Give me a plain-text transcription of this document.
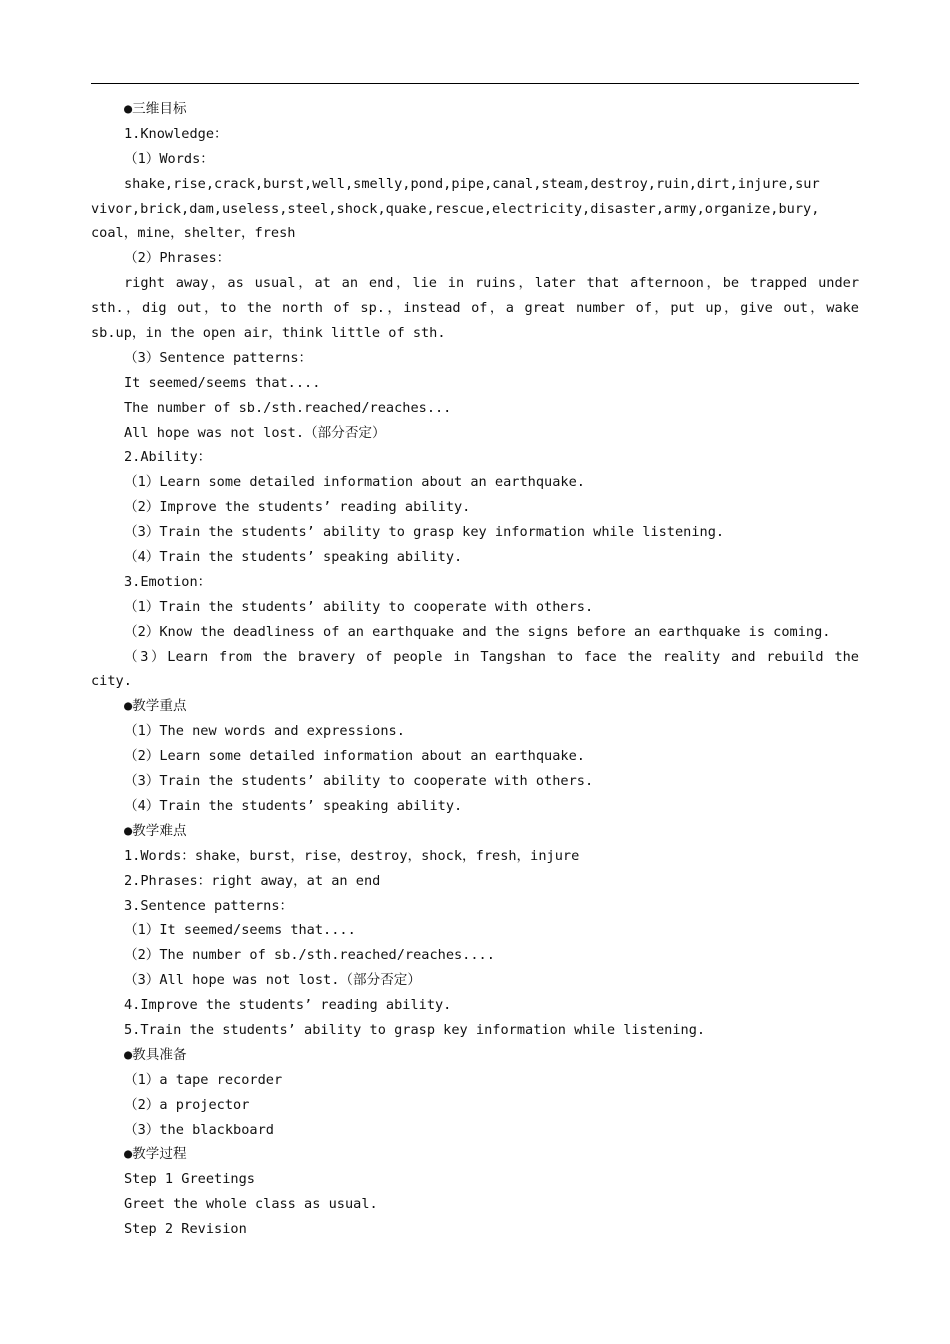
●三维目标
1.Knowledge：
（1）Words：
shake,rise,crack,burst,well,smelly,pond,pipe,canal,steam,destroy,ruin,dirt,injure,sur
vivor,brick,dam,useless,steel,shock,quake,rescue,electricity,disaster,army,organize,bury,
coal，mine，shelter，fresh
（2）Phrases：
right away，as usual，at an end，lie in ruins，later that afternoon，be trapped under
sth.，dig out，to the north of sp.，instead of，a great number of，put up，give out，wake
sb.up，in the open air，think little of sth.
（3）Sentence patterns：
It seemed/seems that....
The number of sb./sth.reached/reaches...
All hope was not lost.（部分否定）
2.Ability：
（1）Learn some detailed information about an earthquake.
（2）Improve the students’ reading ability.
（3）Train the students’ ability to grasp key information while listening.
（4）Train the students’ speaking ability.
3.Emotion：
（1）Train the students’ ability to cooperate with others.
（2）Know the deadliness of an earthquake and the signs before an earthquake is coming.
（3）Learn from the bravery of people in Tangshan to face the reality and rebuild the
city.
●教学重点
（1）The new words and expressions.
（2）Learn some detailed information about an earthquake.
（3）Train the students’ ability to cooperate with others.
（4）Train the students’ speaking ability.
●教学难点
1.Words：shake，burst，rise，destroy，shock，fresh，injure
2.Phrases：right away，at an end
3.Sentence patterns：
（1）It seemed/seems that....
（2）The number of sb./sth.reached/reaches....
（3）All hope was not lost.（部分否定）
4.Improve the students’ reading ability.
5.Train the students’ ability to grasp key information while listening.
●教具准备
（1）a tape recorder
（2）a projector
（3）the blackboard
●教学过程
Step 1 Greetings
Greet the whole class as usual.
Step 2 Revision
